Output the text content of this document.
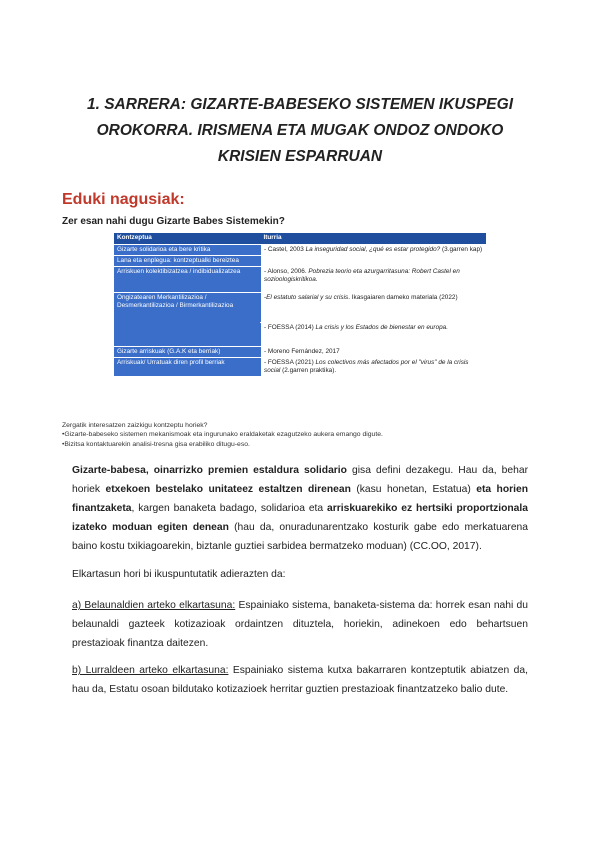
1. SARRERA: GIZARTE-BABESEKO SISTEMEN IKUSPEGI
OROKORRA. IRISMENA ETA MUGAK ONDOZ ONDOKO
KRISIEN ESPARRUAN
Eduki nagusiak:
Zer esan nahi dugu Gizarte Babes Sistemekin?
Kontzeptua	Iturria
Gizarte solidarioa eta bere kritika	- Castel, 2003 La inseguridad social, ¿qué es estar protegido? (3.garren kap)
Lana eta enplegua: kontzeptualki bereiztea	
Arriskuen kolektibizatzea / indibidualizatzea	- Alonso, 2006. Pobrezia teorio eta azurgarritasuna: Robert Castel en sozioologiskritikoa.
Ongizatearen Merkantilizazioa / Desmerkantilizazioa / Birmerkantilizazioa	-El estatuto salarial y su crisis. Ikasgaiaren dameko materiala (2022)
	- FOESSA (2014) La crisis y los Estados de bienestar en europa.
Gizarte arriskuak (G.A.K eta berriak)	- Moreno Fernández, 2017
Arriskuak/ Urratuak diren profil berriak	- FOESSA (2021) Los colectivos más afectados por el "virus" de la crisis social (2.garren praktika).
Zergatik interesatzen zaizkigu kontzeptu horiek?
•Gizarte-babeseko sistemen mekanismoak eta ingurunako eraldaketak ezagutzeko aukera emango digute.
•Bizitsa kontaktuarekin analisi-tresna gisa erabiliko ditugu-eso.
Gizarte-babesa, oinarrizko premien estaldura solidario gisa defini dezakegu. Hau da, behar horiek etxekoen bestelako unitateez estaltzen direnean (kasu honetan, Estatua) eta horien finantzaketa, kargen banaketa badago, solidarioa eta arriskuarekiko ez hertsiki proportzionala izateko moduan egiten denean (hau da, onuradunarentzako kosturik gabe edo merkatuarena baino kostu txikiagoarekin, biztanle guztiei sarbidea bermatzeko moduan) (CC.OO, 2017).
Elkartasun hori bi ikuspuntutatik adierazten da:
a) Belaunaldien arteko elkartasuna: Espainiako sistema, banaketa-sistema da: horrek esan nahi du belaunaldi gazteek kotizazioak ordaintzen dituztela, horiekin, adinekoen edo behartsuen prestazioak finantza daitezen.
b) Lurraldeen arteko elkartasuna: Espainiako sistema kutxa bakarraren kontzeptutik abiatzen da, hau da, Estatu osoan bildutako kotizazioek herritar guztien prestazioak finantzatzeko balio dute.
